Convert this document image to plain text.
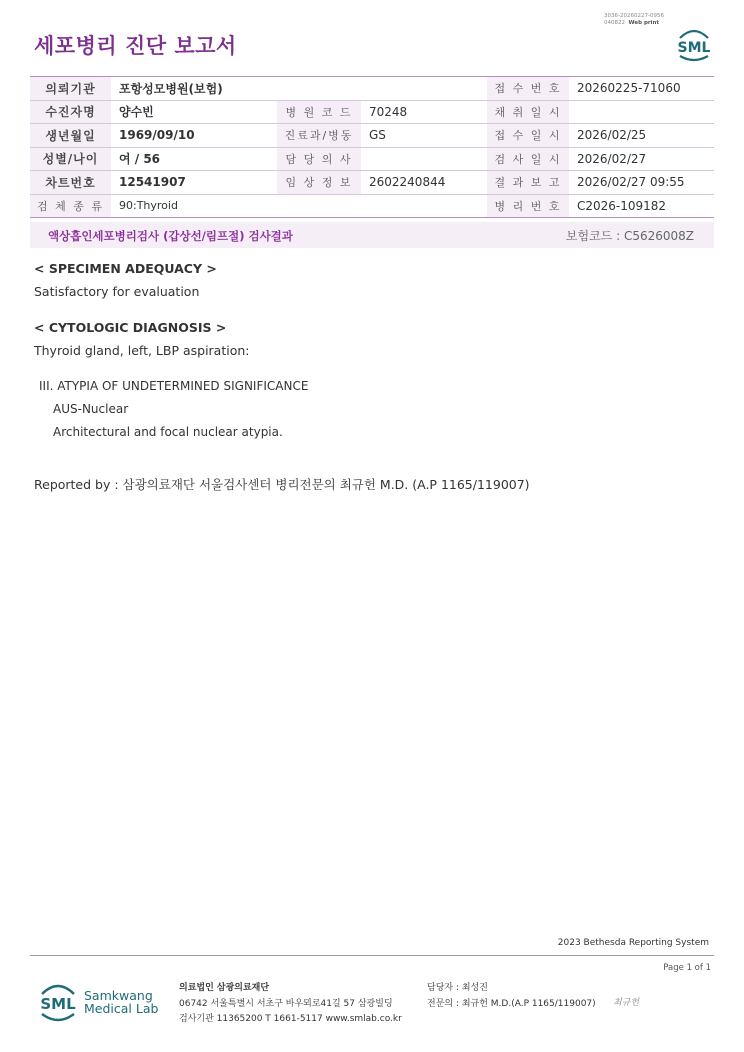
세포병리 진단 보고서
3036-20260227-0956
040822 Web print
SML
의뢰기관	포항성모병원(보험)			접 수 번 호	20260225-71060
수진자명	양수빈	병 원 코 드	70248	채 취 일 시	
생년월일	1969/09/10	진료과/병동	GS	접 수 일 시	2026/02/25
성별/나이	여 / 56	담 당 의 사		검 사 일 시	2026/02/27
차트번호	12541907	임 상 정 보	2602240844	결 과 보 고	2026/02/27 09:55
검 체 종 류	90:Thyroid			병 리 번 호	C2026-109182
액상흡인세포병리검사 (갑상선/림프절) 검사결과	보험코드 : C5626008Z
< SPECIMEN ADEQUACY >
Satisfactory for evaluation
< CYTOLOGIC DIAGNOSIS >
Thyroid gland, left, LBP aspiration:
III. ATYPIA OF UNDETERMINED SIGNIFICANCE
AUS-Nuclear
Architectural and focal nuclear atypia.
Reported by : 삼광의료재단 서울검사센터 병리전문의 최규헌 M.D. (A.P 1165/119007)
2023 Bethesda Reporting System
Page 1 of 1
SML Samkwang
Medical Lab
의료법인 삼광의료재단
06742 서울특별시 서초구 바우뫼로41길 57 삼광빌딩
검사기관 11365200 T 1661-5117 www.smlab.co.kr
담당자 : 최성진
전문의 : 최규헌 M.D.(A.P 1165/119007) 최규헌
